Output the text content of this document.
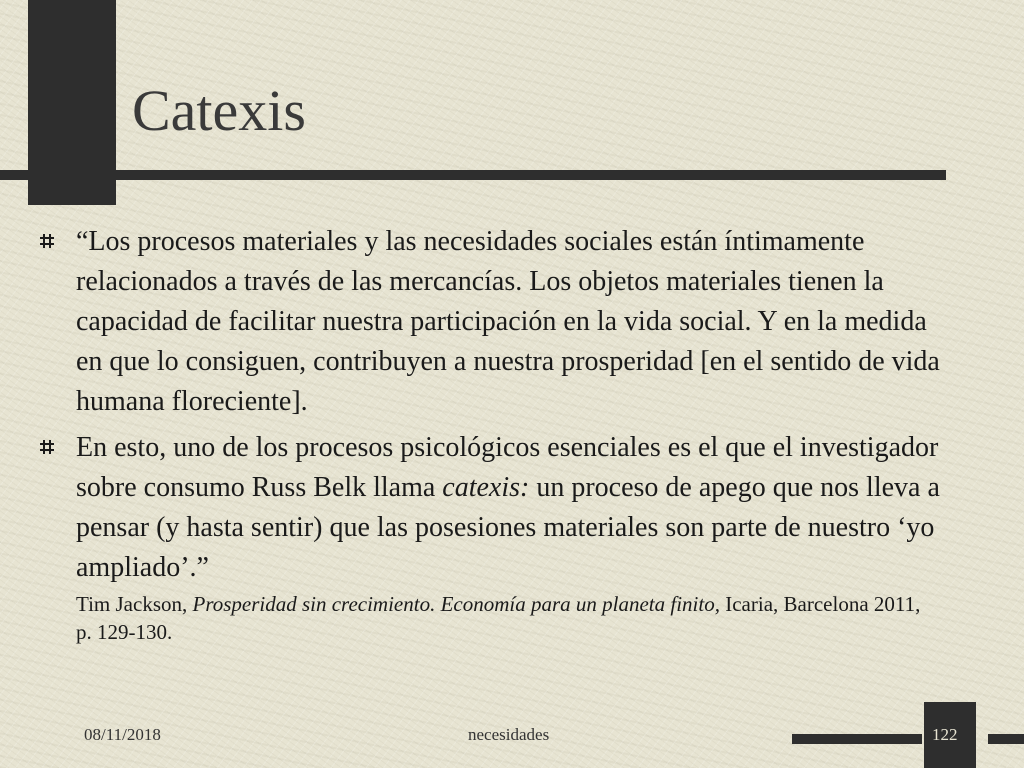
Catexis

“Los procesos materiales y las necesidades sociales están íntimamente relacionados a través de las mercancías. Los objetos materiales tienen la capacidad de facilitar nuestra participación en la vida social. Y en la medida en que lo consiguen, contribuyen a nuestra prosperidad [en el sentido de vida humana floreciente].

En esto, uno de los procesos psicológicos esenciales es el que el investigador sobre consumo Russ Belk llama catexis: un proceso de apego que nos lleva a pensar (y hasta sentir) que las posesiones materiales son parte de nuestro ‘yo ampliado’.”
Tim Jackson, Prosperidad sin crecimiento. Economía para un planeta finito, Icaria, Barcelona 2011, p. 129-130.
08/11/2018	necesidades	122
